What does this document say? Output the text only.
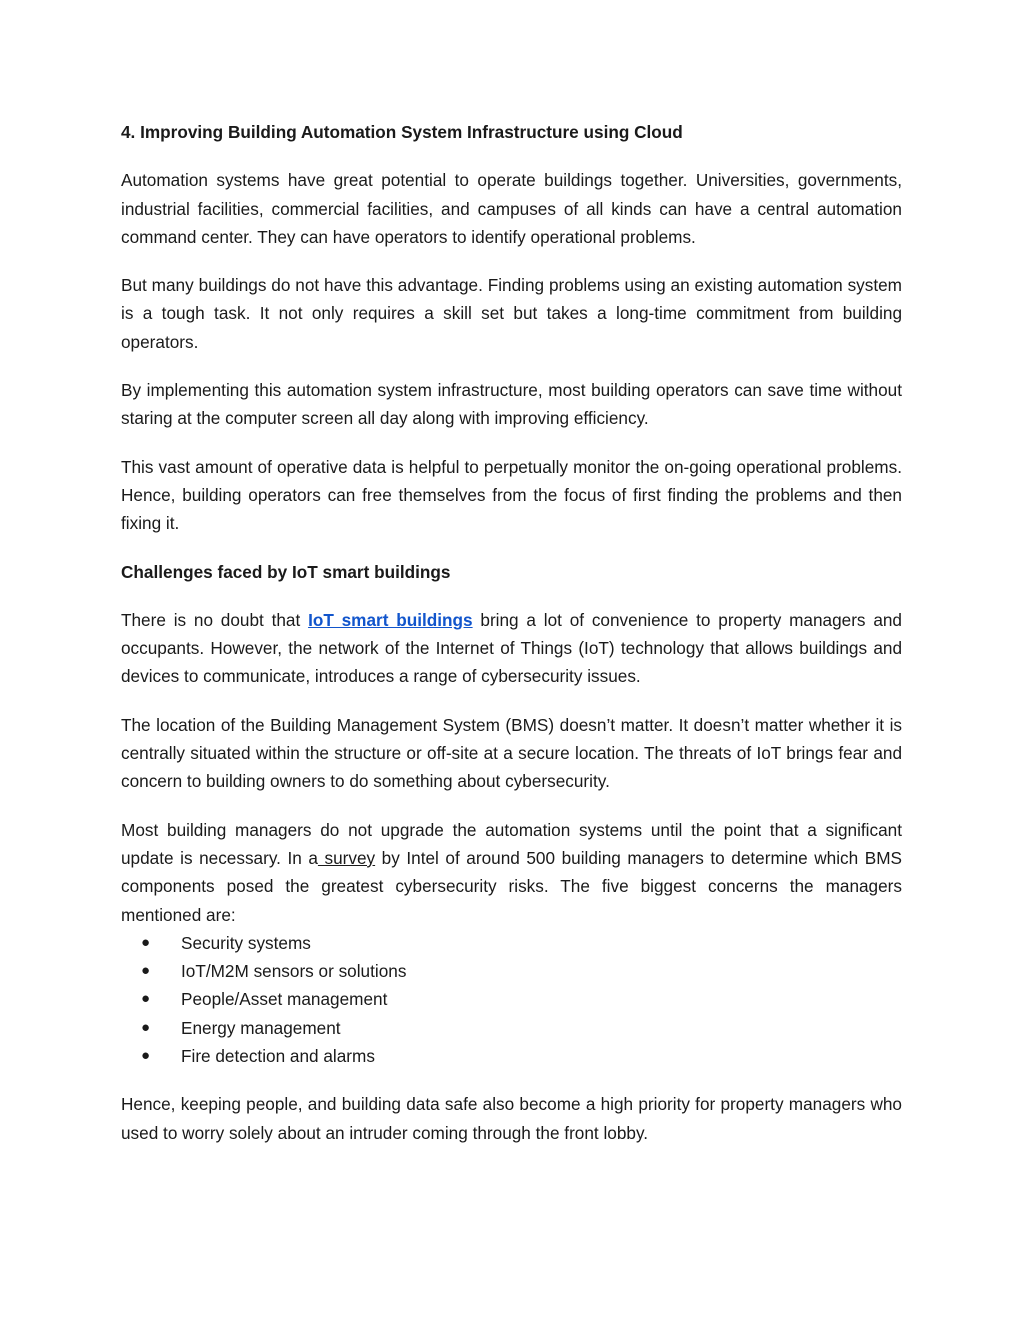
4. Improving Building Automation System Infrastructure using Cloud

Automation systems have great potential to operate buildings together. Universities, governments, industrial facilities, commercial facilities, and campuses of all kinds can have a central automation command center. They can have operators to identify operational problems.

But many buildings do not have this advantage. Finding problems using an existing automation system is a tough task. It not only requires a skill set but takes a long-time commitment from building operators.

By implementing this automation system infrastructure, most building operators can save time without staring at the computer screen all day along with improving efficiency.

This vast amount of operative data is helpful to perpetually monitor the on-going operational problems. Hence, building operators can free themselves from the focus of first finding the problems and then fixing it.

Challenges faced by IoT smart buildings

There is no doubt that IoT smart buildings bring a lot of convenience to property managers and occupants. However, the network of the Internet of Things (IoT) technology that allows buildings and devices to communicate, introduces a range of cybersecurity issues.

The location of the Building Management System (BMS) doesn’t matter. It doesn’t matter whether it is centrally situated within the structure or off-site at a secure location. The threats of IoT brings fear and concern to building owners to do something about cybersecurity.

Most building managers do not upgrade the automation systems until the point that a significant update is necessary. In a survey by Intel of around 500 building managers to determine which BMS components posed the greatest cybersecurity risks. The five biggest concerns the managers mentioned are:

● Security systems
● IoT/M2M sensors or solutions
● People/Asset management
● Energy management
● Fire detection and alarms

Hence, keeping people, and building data safe also become a high priority for property managers who used to worry solely about an intruder coming through the front lobby.
